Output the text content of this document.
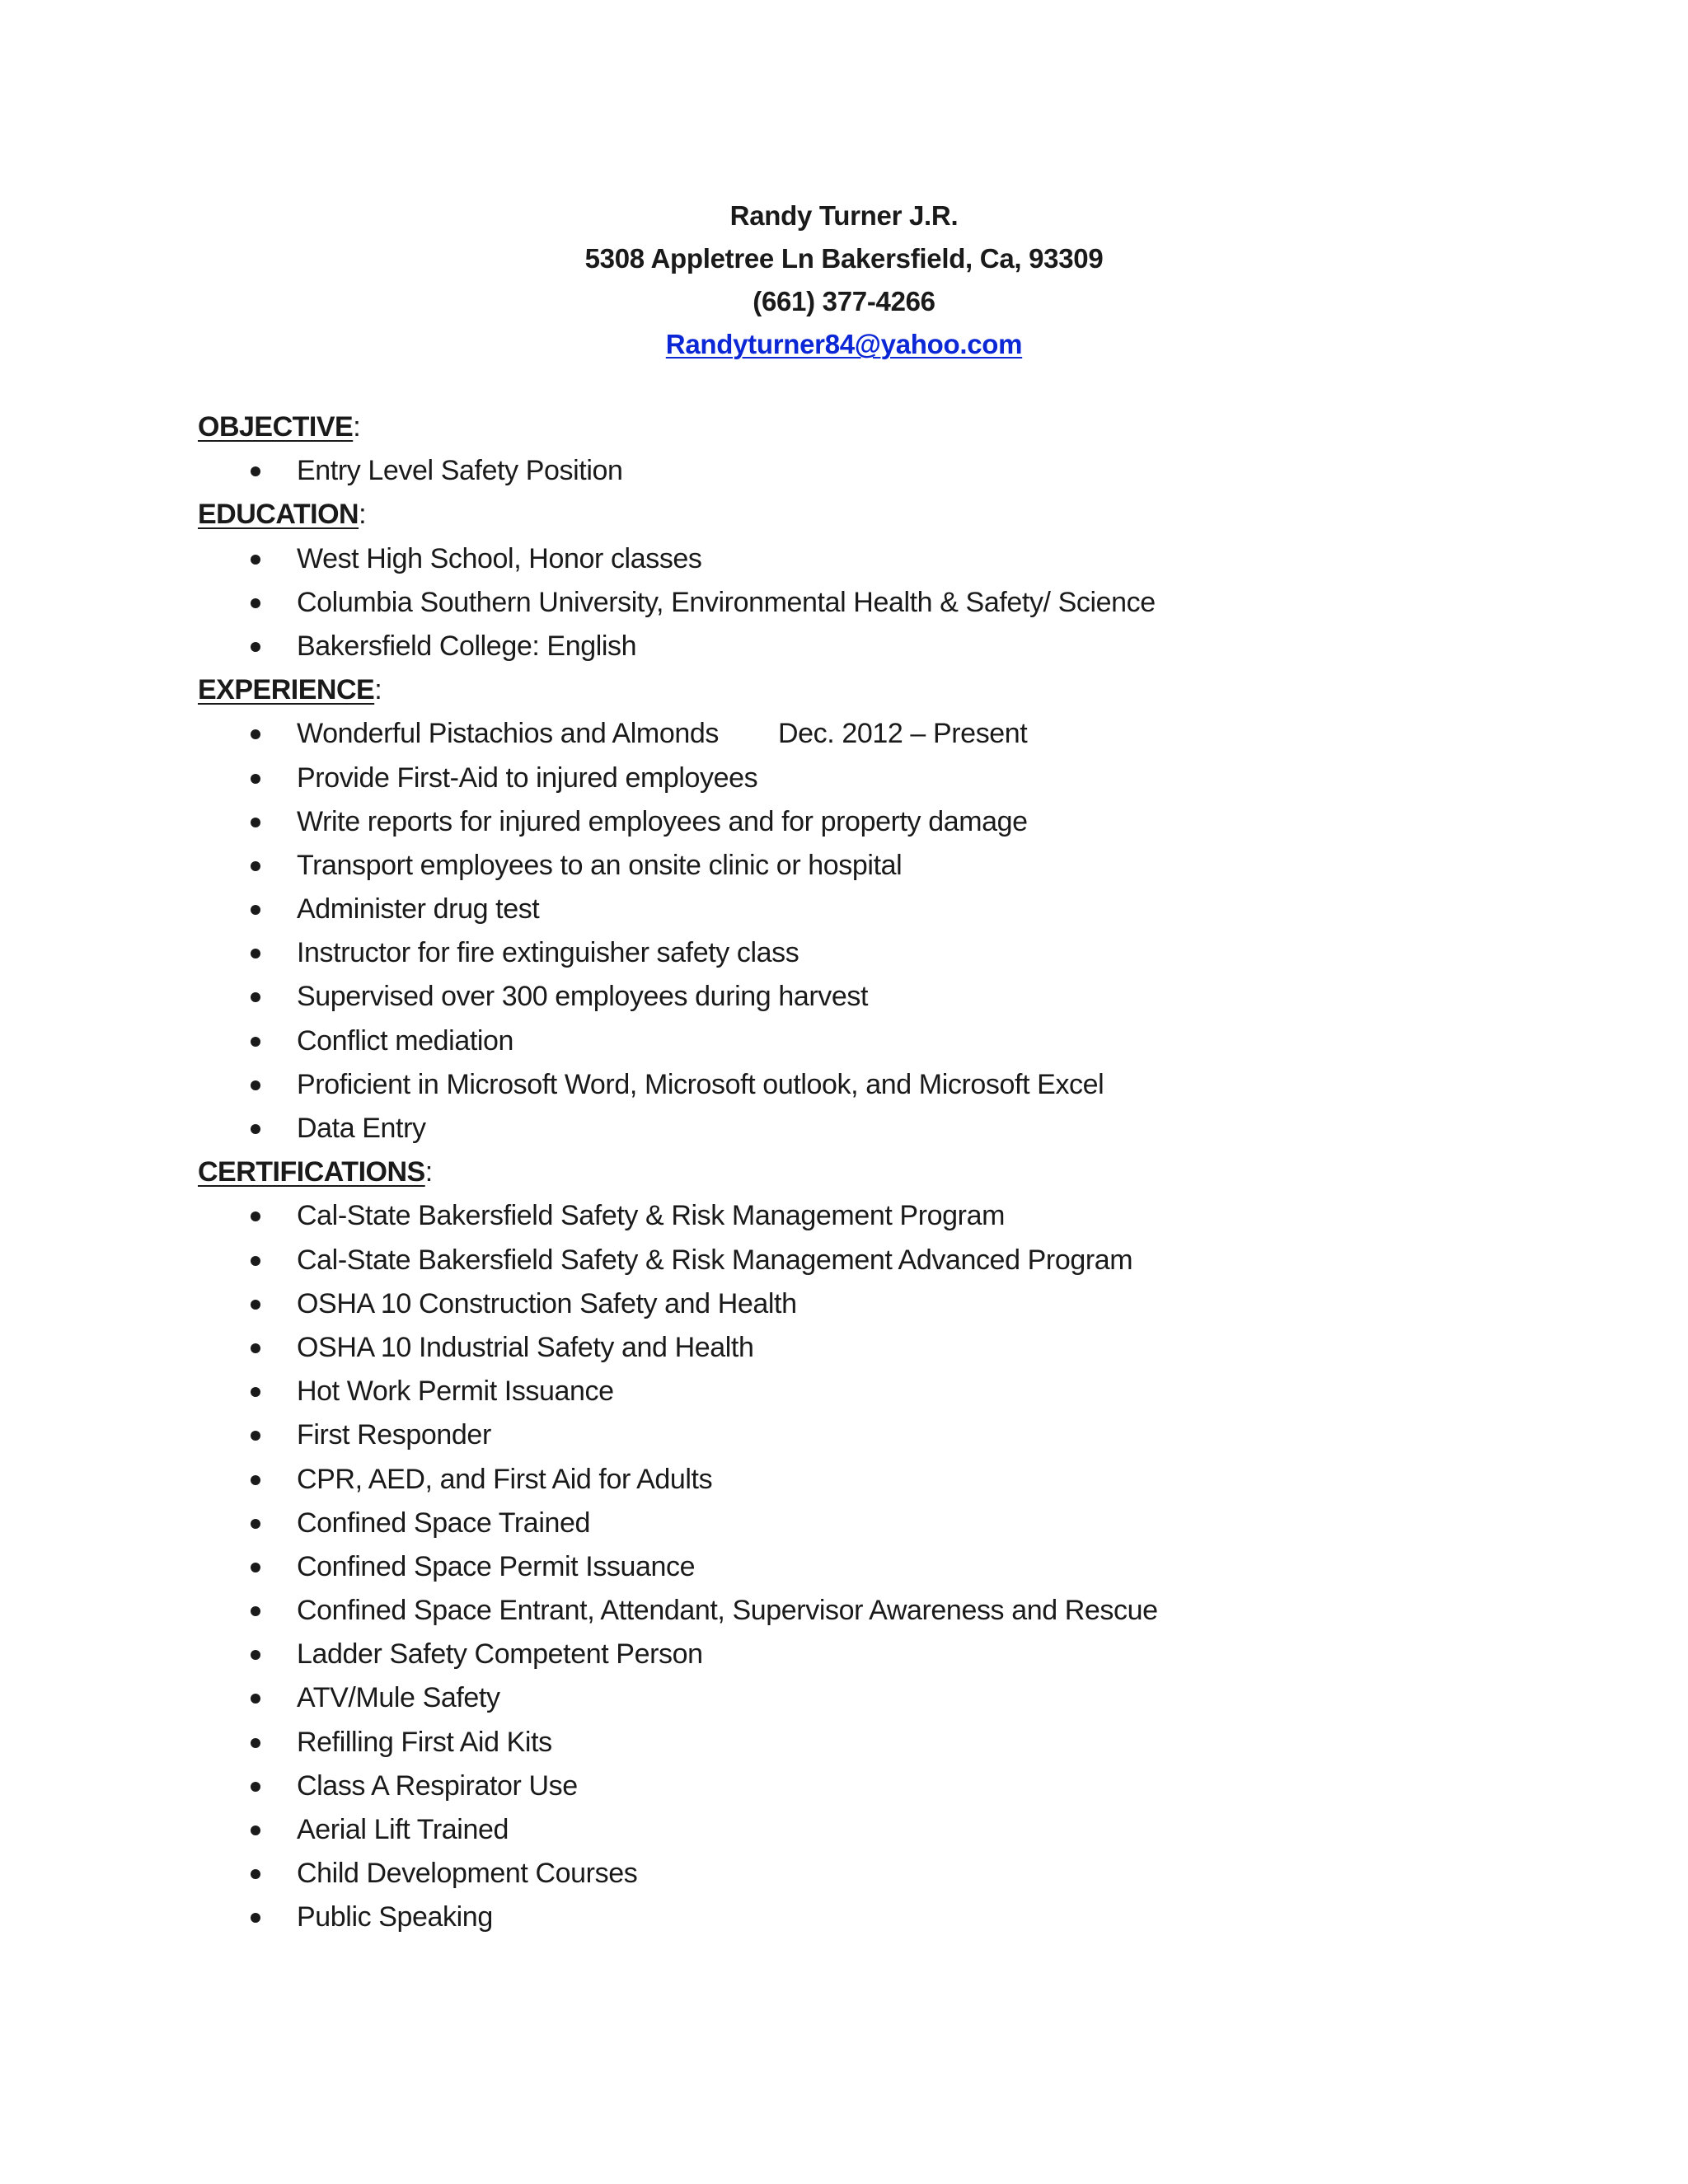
Randy Turner J.R.
5308 Appletree Ln Bakersfield, Ca, 93309
(661) 377-4266
Randyturner84@yahoo.com
OBJECTIVE:
Entry Level Safety Position
EDUCATION:
West High School, Honor classes
Columbia Southern University, Environmental Health & Safety/ Science
Bakersfield College: English
EXPERIENCE:
Wonderful Pistachios and Almonds Dec. 2012 – Present
Provide First-Aid to injured employees
Write reports for injured employees and for property damage
Transport employees to an onsite clinic or hospital
Administer drug test
Instructor for fire extinguisher safety class
Supervised over 300 employees during harvest
Conflict mediation
Proficient in Microsoft Word, Microsoft outlook, and Microsoft Excel
Data Entry
CERTIFICATIONS:
Cal-State Bakersfield Safety & Risk Management Program
Cal-State Bakersfield Safety & Risk Management Advanced Program
OSHA 10 Construction Safety and Health
OSHA 10 Industrial Safety and Health
Hot Work Permit Issuance
First Responder
CPR, AED, and First Aid for Adults
Confined Space Trained
Confined Space Permit Issuance
Confined Space Entrant, Attendant, Supervisor Awareness and Rescue
Ladder Safety Competent Person
ATV/Mule Safety
Refilling First Aid Kits
Class A Respirator Use
Aerial Lift Trained
Child Development Courses
Public Speaking
